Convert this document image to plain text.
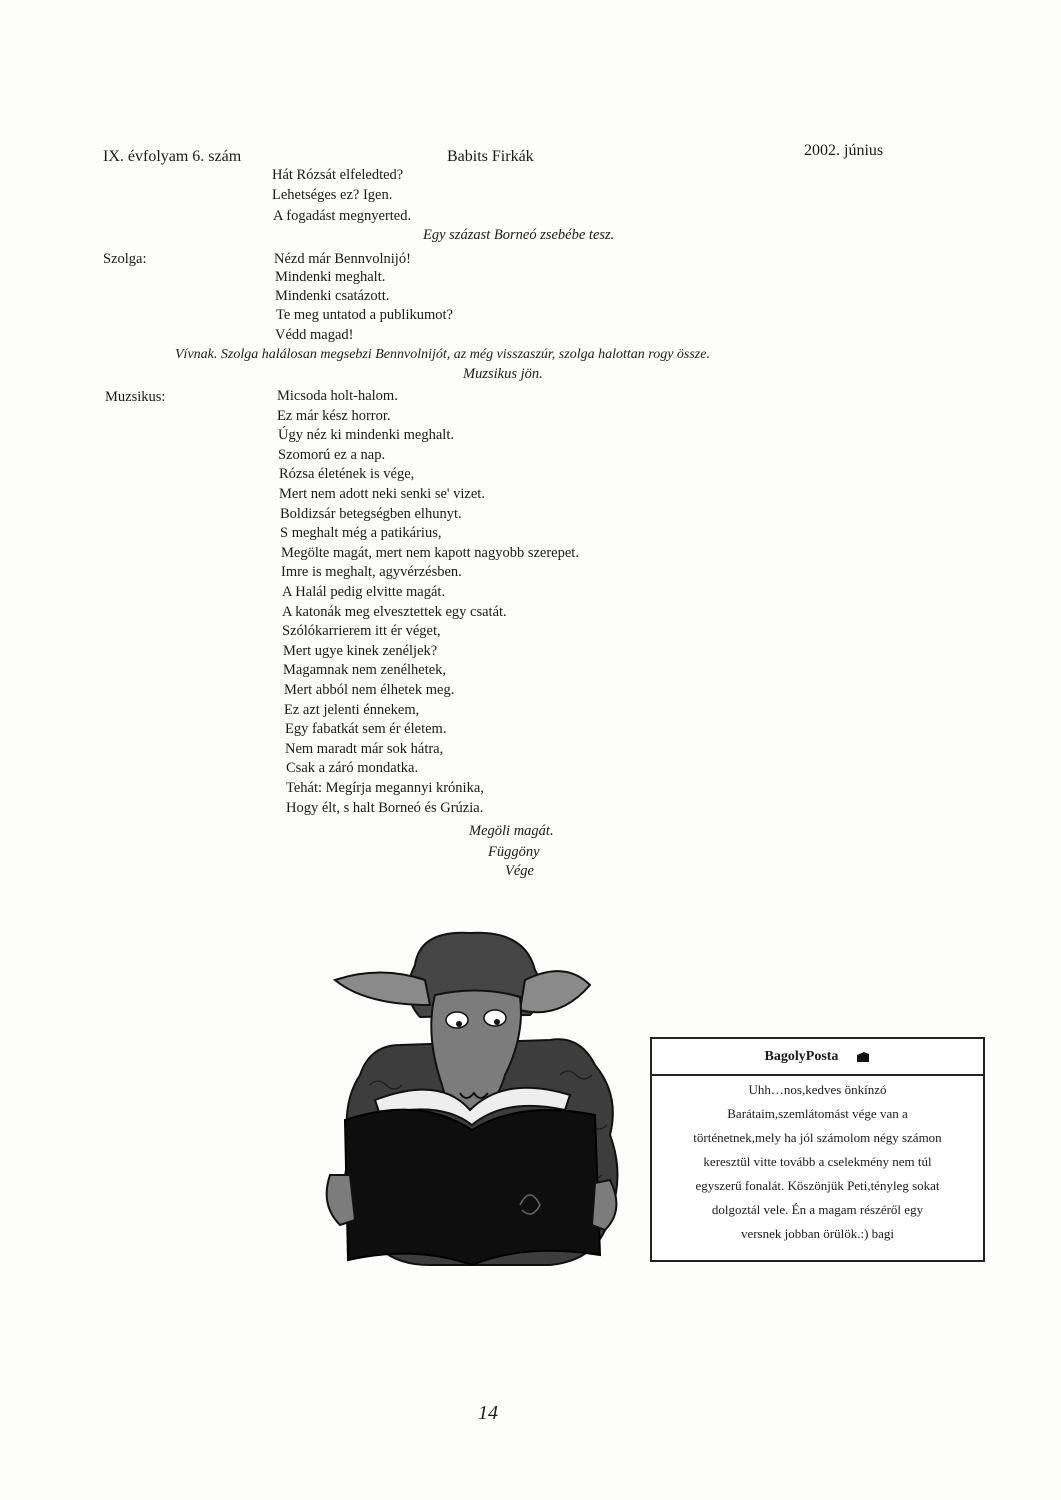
IX. évfolyam 6. szám	Babits Firkák	2002. június
Hát Rózsát elfeledted?
Lehetséges ez? Igen.
A fogadást megnyerted.
Egy százast Borneó zsebébe tesz.
Szolga:	Nézd már Bennvolnijó!
Mindenki meghalt.
Mindenki csatázott.
Te meg untatod a publikumot?
Védd magad!
Vívnak. Szolga halálosan megsebzi Bennvolnijót, az még visszaszúr, szolga halottan rogy össze.
Muzsikus jön.
Muzsikus:	Micsoda holt-halom.
Ez már kész horror.
Úgy néz ki mindenki meghalt.
Szomorú ez a nap.
Rózsa életének is vége,
Mert nem adott neki senki se' vizet.
Boldizsár betegségben elhunyt.
S meghalt még a patikárius,
Megölte magát, mert nem kapott nagyobb szerepet.
Imre is meghalt, agyvérzésben.
A Halál pedig elvitte magát.
A katonák meg elvesztettek egy csatát.
Szólókarrierem itt ér véget,
Mert ugye kinek zenéljek?
Magamnak nem zenélhetek,
Mert abból nem élhetek meg.
Ez azt jelenti énnekem,
Egy fabatkát sem ér életem.
Nem maradt már sok hátra,
Csak a záró mondatka.
Tehát: Megírja megannyi krónika,
Hogy élt, s halt Borneó és Grúzia.
Megöli magát.
Függöny
Vége
BagolyPosta
Uhh…nos,kedves önkínzó
Barátaim,szemlátomást vége van a
történetnek,mely ha jól számolom négy számon
keresztül vitte tovább a cselekmény nem túl
egyszerű fonalát. Köszönjük Peti,tényleg sokat
dolgoztál vele. Én a magam részéről egy
versnek jobban örülök.:) bagi
14
